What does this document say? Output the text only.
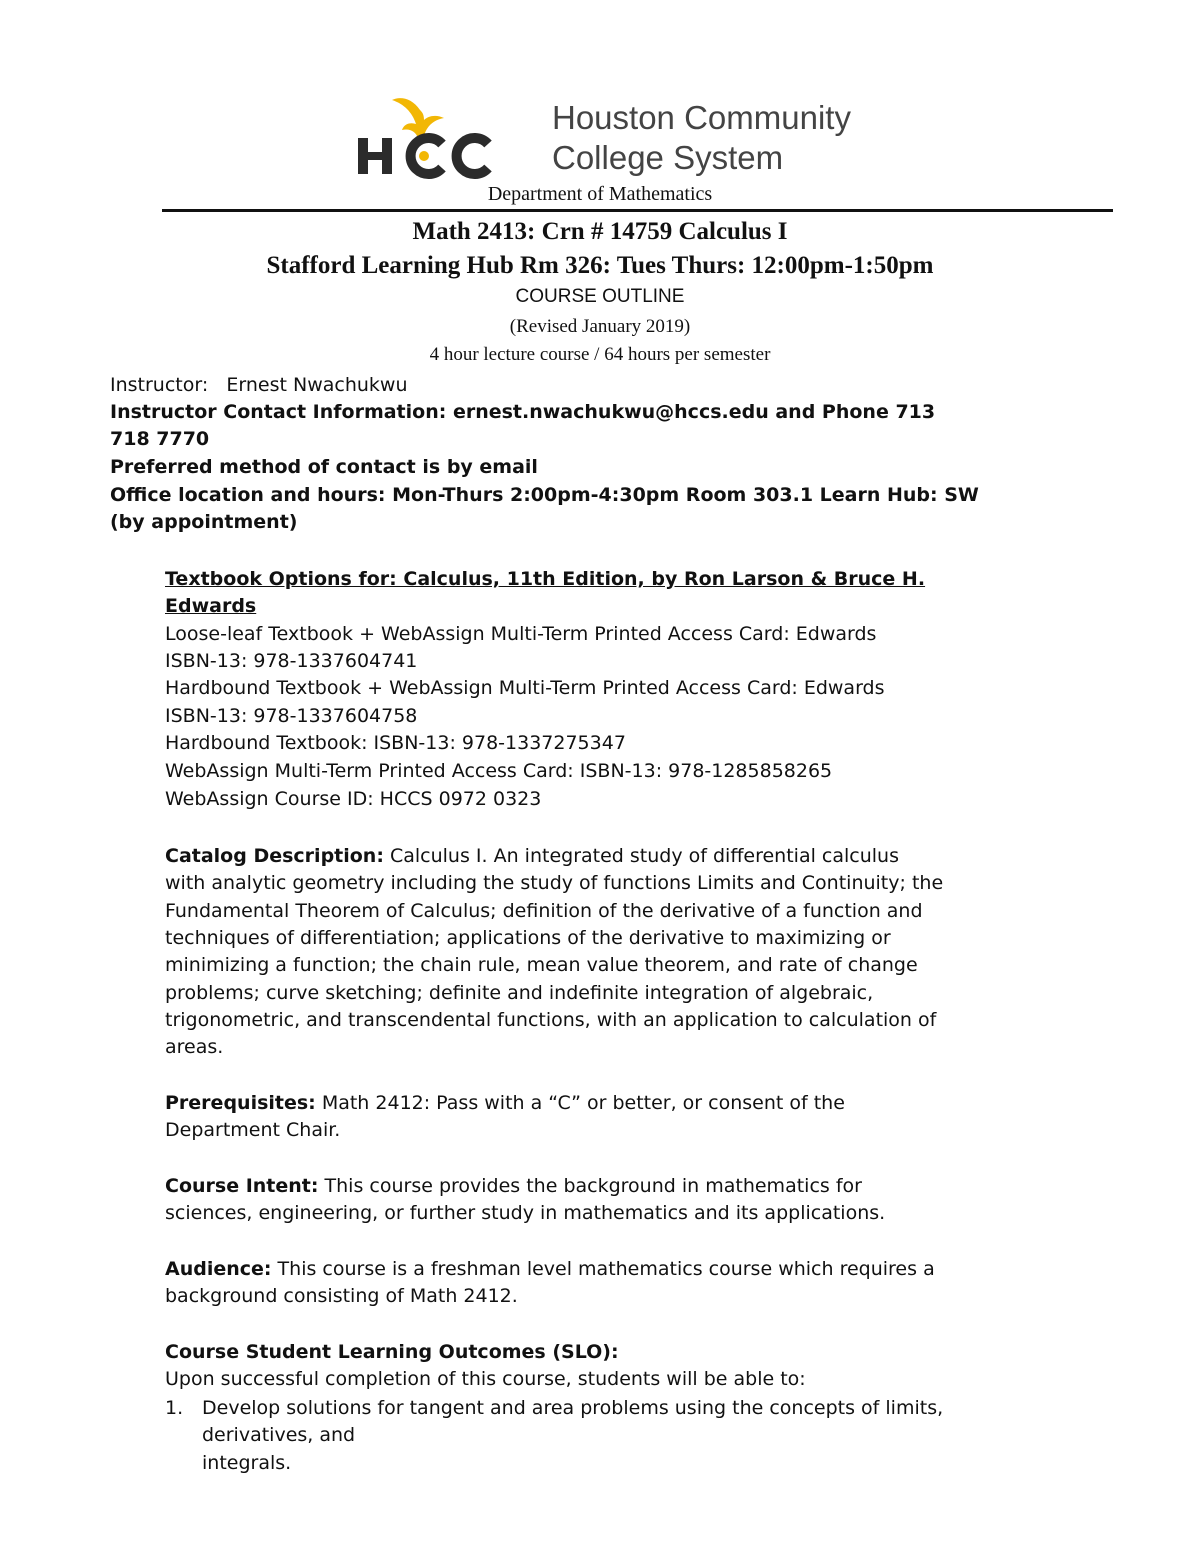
Houston Community
College System
Department of Mathematics
Math 2413: Crn # 14759 Calculus I
Stafford Learning Hub Rm 326: Tues Thurs: 12:00pm-1:50pm
COURSE OUTLINE
(Revised January 2019)
4 hour lecture course / 64 hours per semester
Instructor: Ernest Nwachukwu
Instructor Contact Information: ernest.nwachukwu@hccs.edu and Phone 713
718 7770
Preferred method of contact is by email
Office location and hours: Mon-Thurs 2:00pm-4:30pm Room 303.1 Learn Hub: SW
(by appointment)
Textbook Options for: Calculus, 11th Edition, by Ron Larson & Bruce H.
Edwards
Loose-leaf Textbook + WebAssign Multi-Term Printed Access Card: Edwards
ISBN-13: 978-1337604741
Hardbound Textbook + WebAssign Multi-Term Printed Access Card: Edwards
ISBN-13: 978-1337604758
Hardbound Textbook: ISBN-13: 978-1337275347
WebAssign Multi-Term Printed Access Card: ISBN-13: 978-1285858265
WebAssign Course ID: HCCS 0972 0323
Catalog Description: Calculus I. An integrated study of differential calculus
with analytic geometry including the study of functions Limits and Continuity; the
Fundamental Theorem of Calculus; definition of the derivative of a function and
techniques of differentiation; applications of the derivative to maximizing or
minimizing a function; the chain rule, mean value theorem, and rate of change
problems; curve sketching; definite and indefinite integration of algebraic,
trigonometric, and transcendental functions, with an application to calculation of
areas.
Prerequisites: Math 2412: Pass with a “C” or better, or consent of the
Department Chair.
Course Intent: This course provides the background in mathematics for
sciences, engineering, or further study in mathematics and its applications.
Audience: This course is a freshman level mathematics course which requires a
background consisting of Math 2412.
Course Student Learning Outcomes (SLO):
Upon successful completion of this course, students will be able to:
1. Develop solutions for tangent and area problems using the concepts of limits,
derivatives, and
integrals.
